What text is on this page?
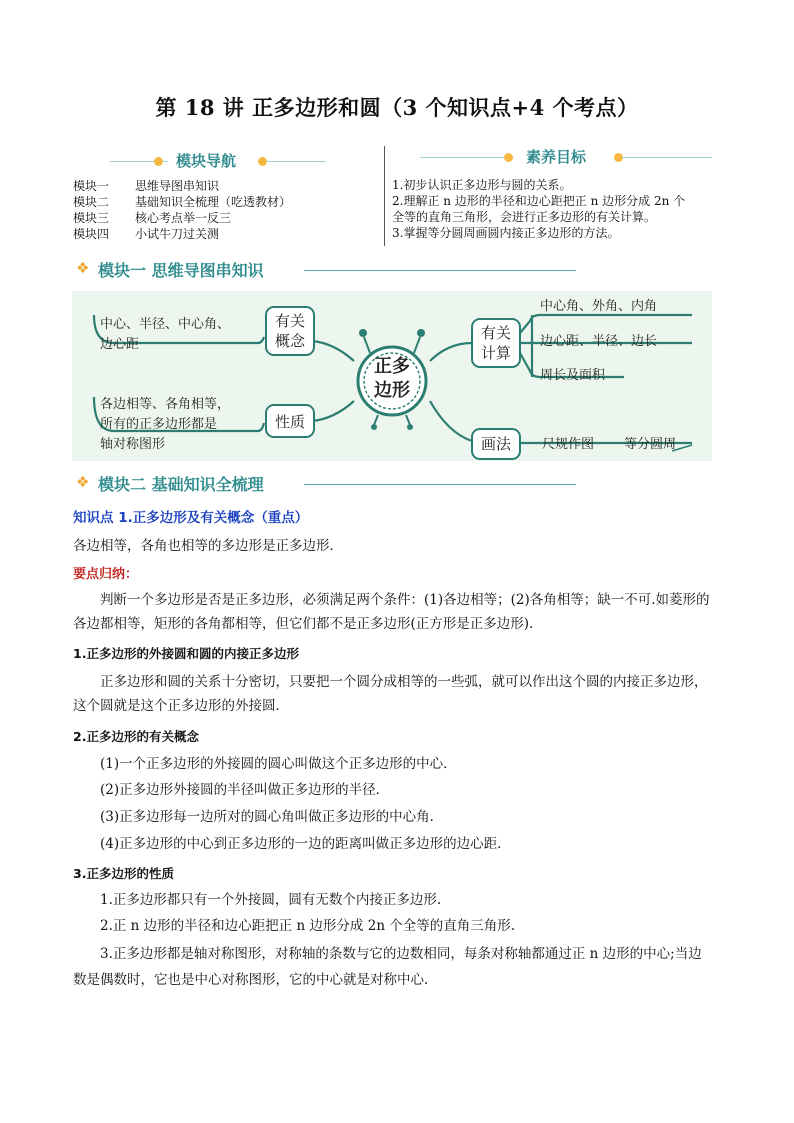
第 18 讲 正多边形和圆（3 个知识点+4 个考点）
模块导航	素养目标
模块一 思维导图串知识
模块二 基础知识全梳理（吃透教材）
模块三 核心考点举一反三
模块四 小试牛刀过关测
1.初步认识正多边形与圆的关系。
2.理解正 n 边形的半径和边心距把正 n 边形分成 2n 个
全等的直角三角形，会进行正多边形的有关计算。
3.掌握等分圆周画圆内接正多边形的方法。
❖ 模块一 思维导图串知识
中心、半径、中心角、
边心距
各边相等、各角相等，
所有的正多边形都是
轴对称图形
有关
概念
性质
正多
边形
有关
计算
画法
中心角、外角、内角
边心距、半径、边长
周长及面积
尺规作图 等分圆周
❖ 模块二 基础知识全梳理
知识点 1.正多边形及有关概念（重点）
各边相等，各角也相等的多边形是正多边形．
要点归纳：
判断一个多边形是否是正多边形，必须满足两个条件：(1)各边相等；(2)各角相等；缺一不可.如菱形的
各边都相等，矩形的各角都相等，但它们都不是正多边形(正方形是正多边形).
1.正多边形的外接圆和圆的内接正多边形
正多边形和圆的关系十分密切，只要把一个圆分成相等的一些弧，就可以作出这个圆的内接正多边形，
这个圆就是这个正多边形的外接圆．
2.正多边形的有关概念
(1)一个正多边形的外接圆的圆心叫做这个正多边形的中心．
(2)正多边形外接圆的半径叫做正多边形的半径．
(3)正多边形每一边所对的圆心角叫做正多边形的中心角．
(4)正多边形的中心到正多边形的一边的距离叫做正多边形的边心距．
3.正多边形的性质
1.正多边形都只有一个外接圆，圆有无数个内接正多边形.
2.正 n 边形的半径和边心距把正 n 边形分成 2n 个全等的直角三角形.
3.正多边形都是轴对称图形，对称轴的条数与它的边数相同，每条对称轴都通过正 n 边形的中心;当边
数是偶数时，它也是中心对称图形，它的中心就是对称中心.
